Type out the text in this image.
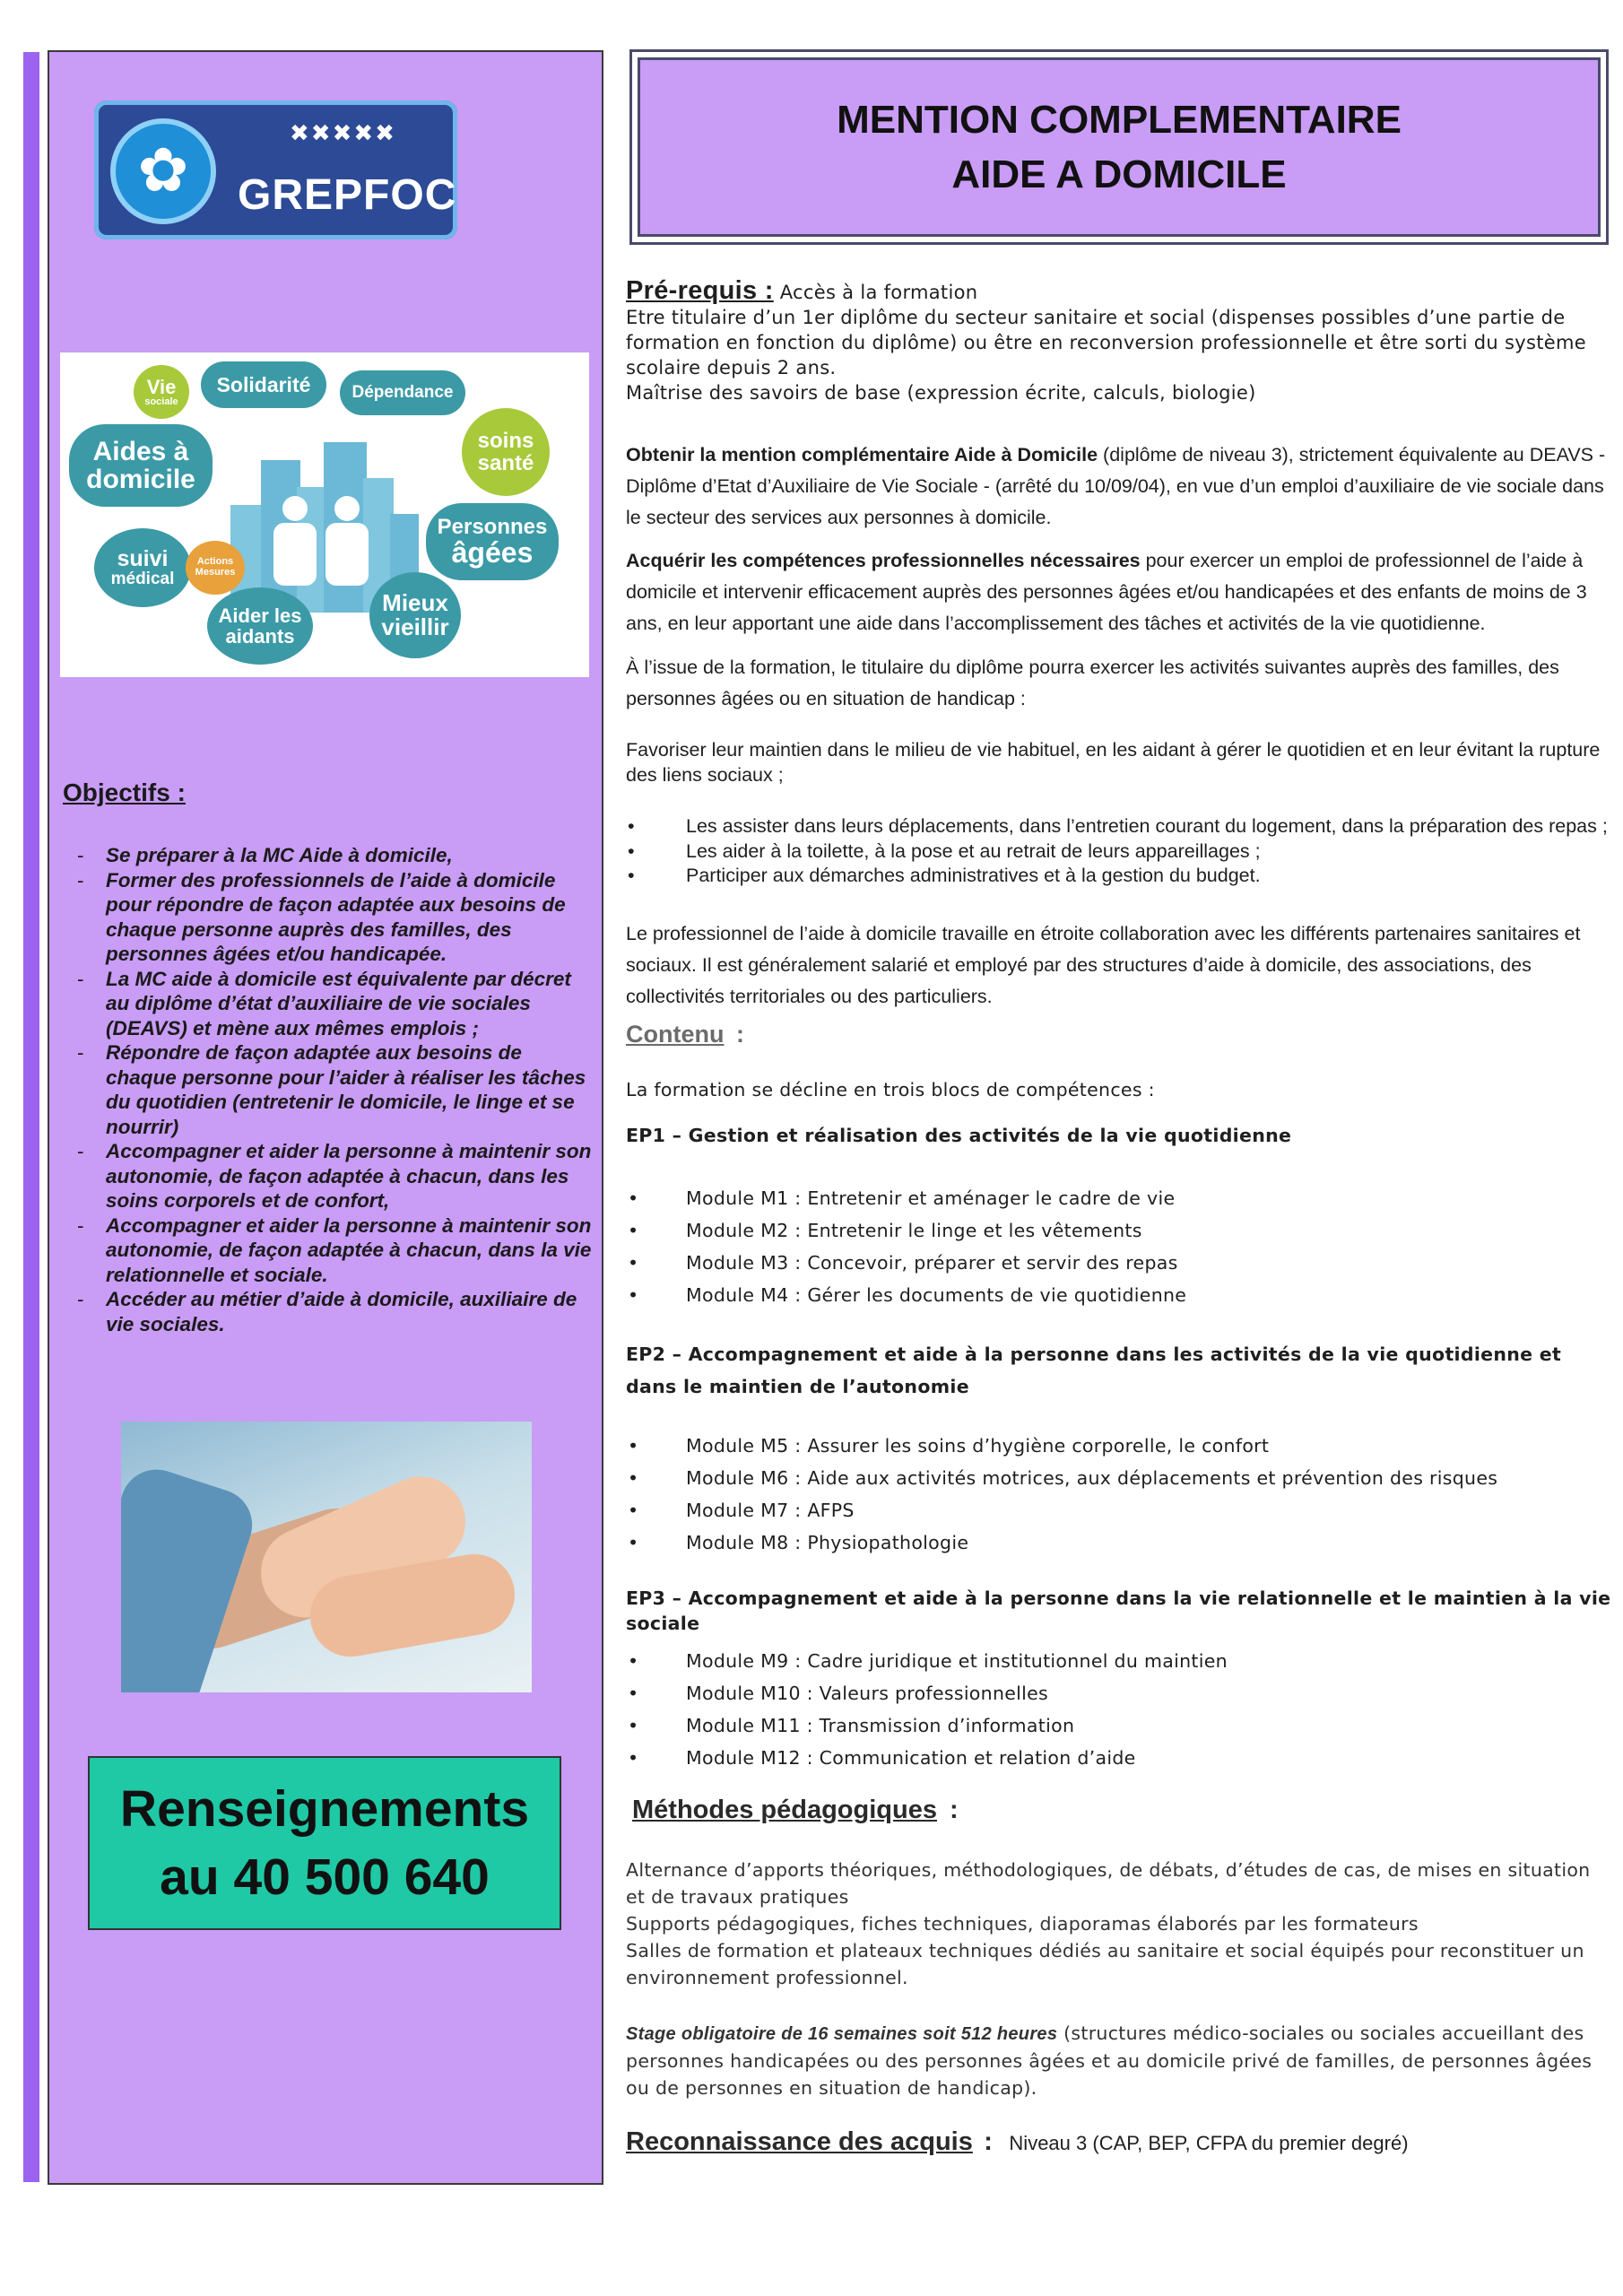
✿
✖✖✖✖✖
GREPFOC
Vie
sociale
Solidarité	Dépendance
Aides à
domicile
soins
santé
Personnes
âgées
suivi
médical
Actions
Mesures
Aider les
aidants
Mieux
vieillir
Objectifs :
- Se préparer à la MC Aide à domicile,
- Former des professionnels de l’aide à domicile pour répondre de façon adaptée aux besoins de chaque personne auprès des familles, des personnes âgées et/ou handicapée.
- La MC aide à domicile est équivalente par décret au diplôme d’état d’auxiliaire de vie sociales (DEAVS) et mène aux mêmes emplois ;
- Répondre de façon adaptée aux besoins de chaque personne pour l’aider à réaliser les tâches du quotidien (entretenir le domicile, le linge et se nourrir)
- Accompagner et aider la personne à maintenir son autonomie, de façon adaptée à chacun, dans les soins corporels et de confort,
- Accompagner et aider la personne à maintenir son autonomie, de façon adaptée à chacun, dans la vie relationnelle et sociale.
- Accéder au métier d’aide à domicile, auxiliaire de vie sociales.
Renseignements
au 40 500 640
MENTION COMPLEMENTAIRE
AIDE A DOMICILE
Pré-requis : Accès à la formation
Etre titulaire d’un 1er diplôme du secteur sanitaire et social (dispenses possibles d’une partie de formation en fonction du diplôme) ou être en reconversion professionnelle et être sorti du système scolaire depuis 2 ans.
Maîtrise des savoirs de base (expression écrite, calculs, biologie)
Obtenir la mention complémentaire Aide à Domicile (diplôme de niveau 3), strictement équivalente au DEAVS - Diplôme d’Etat d’Auxiliaire de Vie Sociale - (arrêté du 10/09/04), en vue d’un emploi d’auxiliaire de vie sociale dans le secteur des services aux personnes à domicile.
Acquérir les compétences professionnelles nécessaires pour exercer un emploi de professionnel de l’aide à domicile et intervenir efficacement auprès des personnes âgées et/ou handicapées et des enfants de moins de 3 ans, en leur apportant une aide dans l’accomplissement des tâches et activités de la vie quotidienne.
À l’issue de la formation, le titulaire du diplôme pourra exercer les activités suivantes auprès des familles, des personnes âgées ou en situation de handicap :
Favoriser leur maintien dans le milieu de vie habituel, en les aidant à gérer le quotidien et en leur évitant la rupture des liens sociaux ;
• Les assister dans leurs déplacements, dans l’entretien courant du logement, dans la préparation des repas ;
• Les aider à la toilette, à la pose et au retrait de leurs appareillages ;
• Participer aux démarches administratives et à la gestion du budget.
Le professionnel de l’aide à domicile travaille en étroite collaboration avec les différents partenaires sanitaires et sociaux. Il est généralement salarié et employé par des structures d’aide à domicile, des associations, des collectivités territoriales ou des particuliers.
Contenu :
La formation se décline en trois blocs de compétences :
EP1 – Gestion et réalisation des activités de la vie quotidienne
• Module M1 : Entretenir et aménager le cadre de vie
• Module M2 : Entretenir le linge et les vêtements
• Module M3 : Concevoir, préparer et servir des repas
• Module M4 : Gérer les documents de vie quotidienne
EP2 – Accompagnement et aide à la personne dans les activités de la vie quotidienne et dans le maintien de l’autonomie
• Module M5 : Assurer les soins d’hygiène corporelle, le confort
• Module M6 : Aide aux activités motrices, aux déplacements et prévention des risques
• Module M7 : AFPS
• Module M8 : Physiopathologie
EP3 – Accompagnement et aide à la personne dans la vie relationnelle et le maintien à la vie sociale
• Module M9 : Cadre juridique et institutionnel du maintien
• Module M10 : Valeurs professionnelles
• Module M11 : Transmission d’information
• Module M12 : Communication et relation d’aide
Méthodes pédagogiques :
Alternance d’apports théoriques, méthodologiques, de débats, d’études de cas, de mises en situation et de travaux pratiques
Supports pédagogiques, fiches techniques, diaporamas élaborés par les formateurs
Salles de formation et plateaux techniques dédiés au sanitaire et social équipés pour reconstituer un environnement professionnel.
Stage obligatoire de 16 semaines soit 512 heures (structures médico-sociales ou sociales accueillant des personnes handicapées ou des personnes âgées et au domicile privé de familles, de personnes âgées ou de personnes en situation de handicap).
Reconnaissance des acquis : Niveau 3 (CAP, BEP, CFPA du premier degré)
